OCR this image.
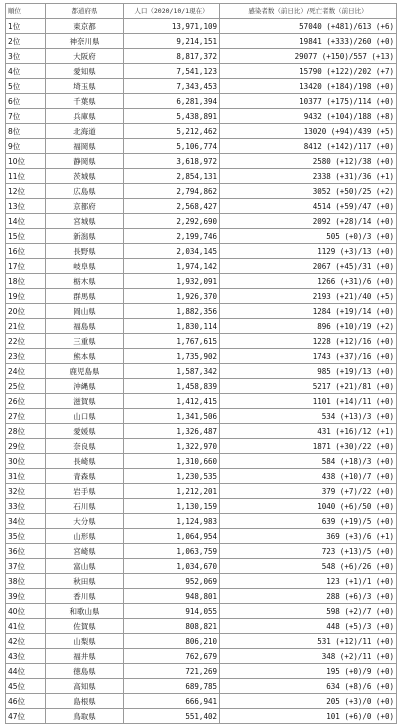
順位	都道府県	人口（2020/10/1現在）	感染者数（前日比）/死亡者数（前日比）
1位	東京都	13,971,109	57040 (+481)/613 (+6)
2位	神奈川県	9,214,151	19841 (+333)/260 (+0)
3位	大阪府	8,817,372	29077 (+150)/557 (+13)
4位	愛知県	7,541,123	15790 (+122)/202 (+7)
5位	埼玉県	7,343,453	13420 (+184)/198 (+0)
6位	千葉県	6,281,394	10377 (+175)/114 (+0)
7位	兵庫県	5,438,891	9432 (+104)/188 (+8)
8位	北海道	5,212,462	13020 (+94)/439 (+5)
9位	福岡県	5,106,774	8412 (+142)/117 (+0)
10位	静岡県	3,618,972	2580 (+12)/38 (+0)
11位	茨城県	2,854,131	2338 (+31)/36 (+1)
12位	広島県	2,794,862	3052 (+50)/25 (+2)
13位	京都府	2,568,427	4514 (+59)/47 (+0)
14位	宮城県	2,292,690	2092 (+28)/14 (+0)
15位	新潟県	2,199,746	505 (+0)/3 (+0)
16位	長野県	2,034,145	1129 (+3)/13 (+0)
17位	岐阜県	1,974,142	2067 (+45)/31 (+0)
18位	栃木県	1,932,091	1266 (+31)/6 (+0)
19位	群馬県	1,926,370	2193 (+21)/40 (+5)
20位	岡山県	1,882,356	1284 (+19)/14 (+0)
21位	福島県	1,830,114	896 (+10)/19 (+2)
22位	三重県	1,767,615	1228 (+12)/16 (+0)
23位	熊本県	1,735,902	1743 (+37)/16 (+0)
24位	鹿児島県	1,587,342	985 (+19)/13 (+0)
25位	沖縄県	1,458,839	5217 (+21)/81 (+0)
26位	滋賀県	1,412,415	1101 (+14)/11 (+0)
27位	山口県	1,341,506	534 (+13)/3 (+0)
28位	愛媛県	1,326,487	431 (+16)/12 (+1)
29位	奈良県	1,322,970	1871 (+30)/22 (+0)
30位	長崎県	1,310,660	584 (+18)/3 (+0)
31位	青森県	1,230,535	438 (+10)/7 (+0)
32位	岩手県	1,212,201	379 (+7)/22 (+0)
33位	石川県	1,130,159	1040 (+6)/50 (+0)
34位	大分県	1,124,983	639 (+19)/5 (+0)
35位	山形県	1,064,954	369 (+3)/6 (+1)
36位	宮崎県	1,063,759	723 (+13)/5 (+0)
37位	富山県	1,034,670	548 (+6)/26 (+0)
38位	秋田県	952,069	123 (+1)/1 (+0)
39位	香川県	948,801	288 (+6)/3 (+0)
40位	和歌山県	914,055	598 (+2)/7 (+0)
41位	佐賀県	808,821	448 (+5)/3 (+0)
42位	山梨県	806,210	531 (+12)/11 (+0)
43位	福井県	762,679	348 (+2)/11 (+0)
44位	徳島県	721,269	195 (+0)/9 (+0)
45位	高知県	689,785	634 (+8)/6 (+0)
46位	島根県	666,941	205 (+3)/0 (+0)
47位	鳥取県	551,402	101 (+6)/0 (+0)
